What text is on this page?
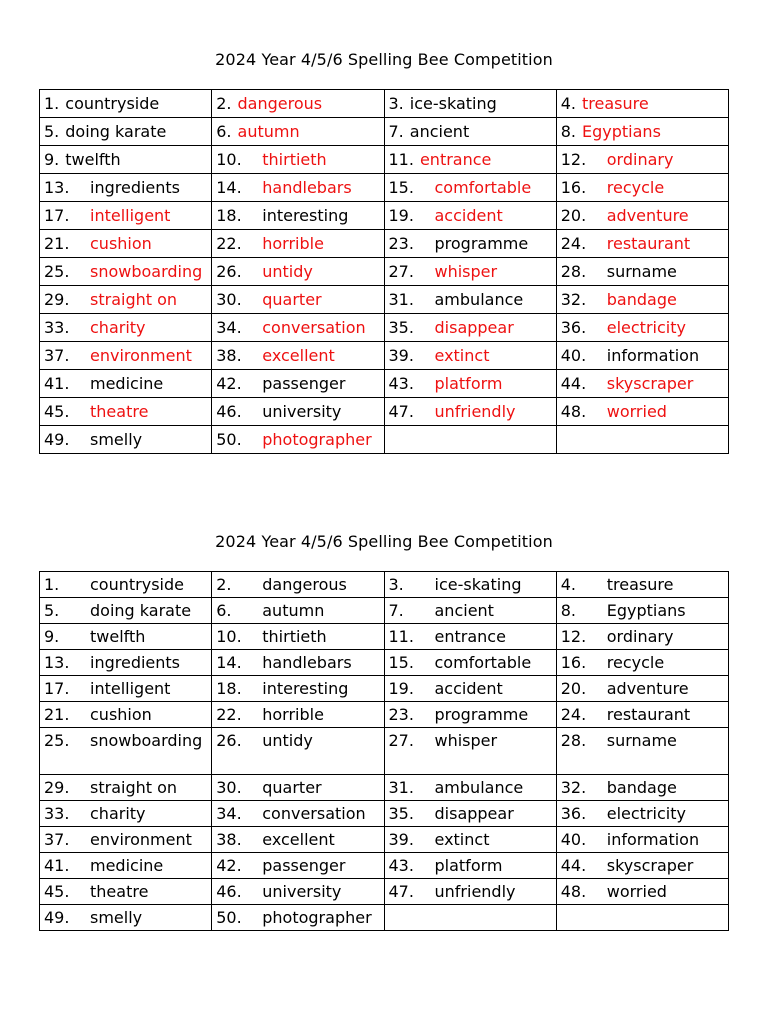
2024 Year 4/5/6 Spelling Bee Competition
1. countryside	2. dangerous	3. ice-skating	4. treasure

5. doing karate	6. autumn	7. ancient	8. Egyptians

9. twelfth	10. thirtieth	11. entrance	12. ordinary

13. ingredients	14. handlebars	15. comfortable	16. recycle

17. intelligent	18. interesting	19. accident	20. adventure

21. cushion	22. horrible	23. programme	24. restaurant

25. snowboarding	26. untidy	27. whisper	28. surname

29. straight on	30. quarter	31. ambulance	32. bandage

33. charity	34. conversation	35. disappear	36. electricity

37. environment	38. excellent	39. extinct	40. information

41. medicine	42. passenger	43. platform	44. skyscraper

45. theatre	46. university	47. unfriendly	48. worried

49. smelly	50. photographer		

2024 Year 4/5/6 Spelling Bee Competition
1. countryside	2. dangerous	3. ice-skating	4. treasure

5. doing karate	6. autumn	7. ancient	8. Egyptians

9. twelfth	10. thirtieth	11. entrance	12. ordinary

13. ingredients	14. handlebars	15. comfortable	16. recycle

17. intelligent	18. interesting	19. accident	20. adventure

21. cushion	22. horrible	23. programme	24. restaurant

25. snowboarding	26. untidy	27. whisper	28. surname

29. straight on	30. quarter	31. ambulance	32. bandage

33. charity	34. conversation	35. disappear	36. electricity

37. environment	38. excellent	39. extinct	40. information

41. medicine	42. passenger	43. platform	44. skyscraper

45. theatre	46. university	47. unfriendly	48. worried

49. smelly	50. photographer		
